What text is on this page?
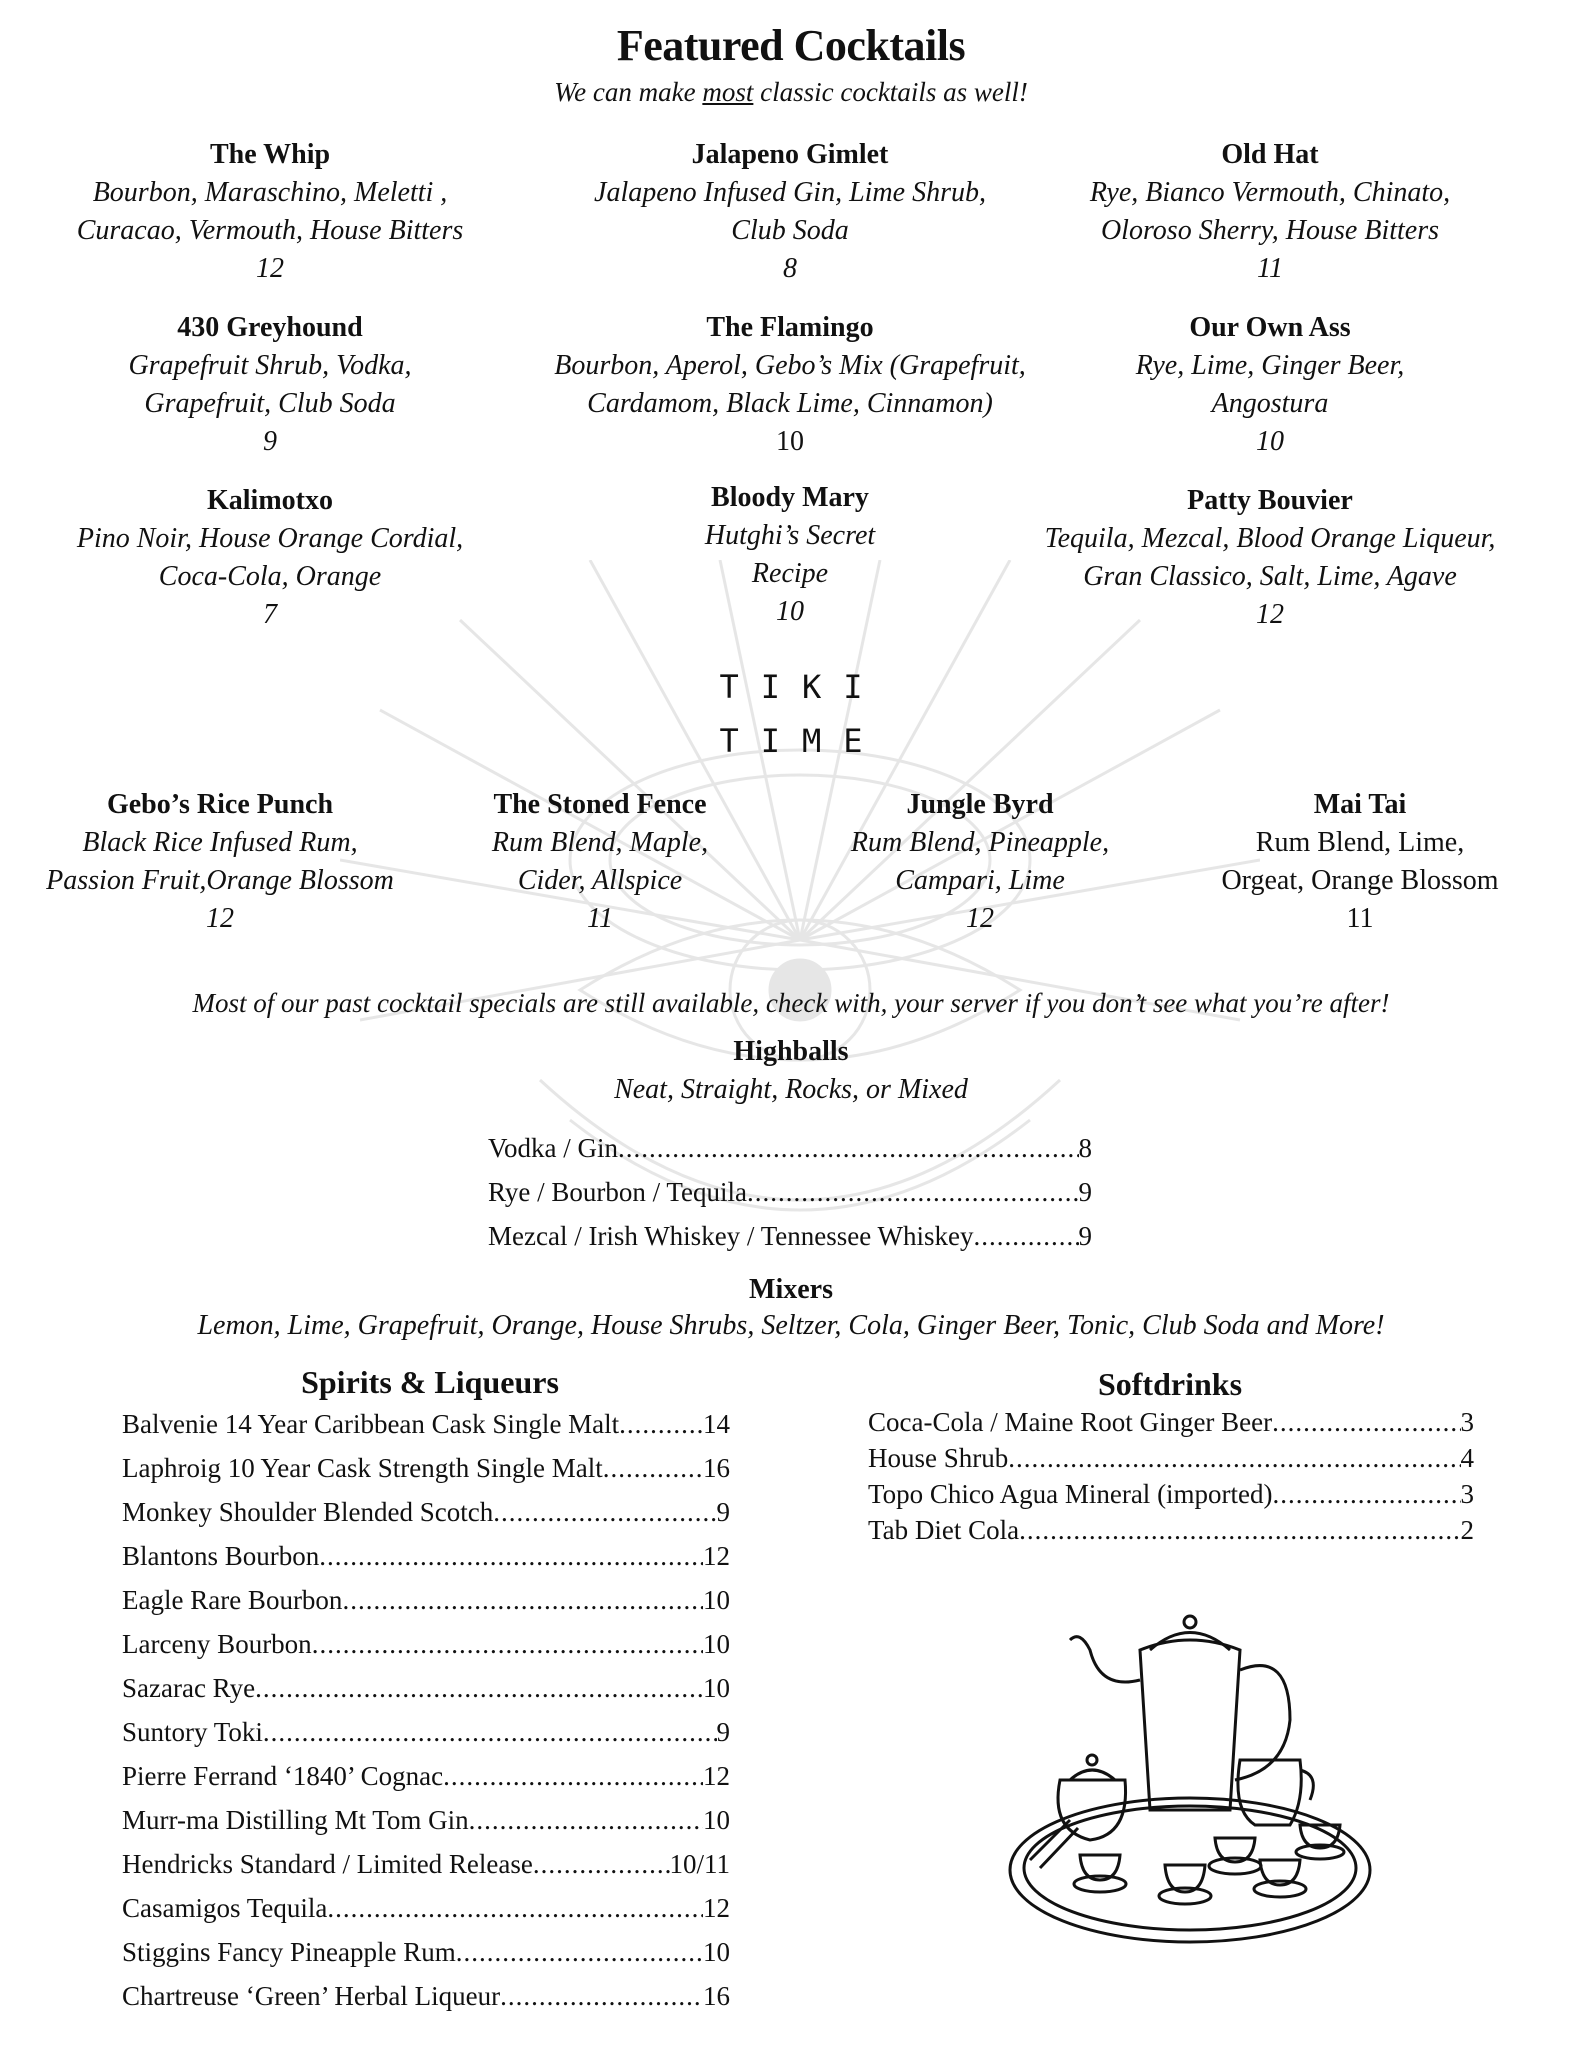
Featured Cocktails
We can make most classic cocktails as well!
The Whip
Bourbon, Maraschino, Meletti ,
Curacao, Vermouth, House Bitters
12
Jalapeno Gimlet
Jalapeno Infused Gin, Lime Shrub,
Club Soda
8
Old Hat
Rye, Bianco Vermouth, Chinato,
Oloroso Sherry, House Bitters
11
430 Greyhound
Grapefruit Shrub, Vodka,
Grapefruit, Club Soda
9
The Flamingo
Bourbon, Aperol, Gebo’s Mix (Grapefruit,
Cardamom, Black Lime, Cinnamon)
10
Our Own Ass
Rye, Lime, Ginger Beer,
Angostura
10
Kalimotxo
Pino Noir, House Orange Cordial,
Coca-Cola, Orange
7
Bloody Mary
Hutghi’s Secret
Recipe
10
Patty Bouvier
Tequila, Mezcal, Blood Orange Liqueur,
Gran Classico, Salt, Lime, Agave
12
TIKI
TIME
Gebo’s Rice Punch
Black Rice Infused Rum,
Passion Fruit,Orange Blossom
12
The Stoned Fence
Rum Blend, Maple,
Cider, Allspice
11
Jungle Byrd
Rum Blend, Pineapple,
Campari, Lime
12
Mai Tai
Rum Blend, Lime,
Orgeat, Orange Blossom
11
Most of our past cocktail specials are still available, check with, your server if you don’t see what you’re after!
Highballs
Neat, Straight, Rocks, or Mixed
Vodka / Gin .....	8
Rye / Bourbon / Tequila .....	9
Mezcal / Irish Whiskey / Tennessee Whiskey .....	9
Mixers
Lemon, Lime, Grapefruit, Orange, House Shrubs, Seltzer, Cola, Ginger Beer, Tonic, Club Soda and More!
Spirits & Liqueurs
Balvenie 14 Year Caribbean Cask Single Malt .....	14
Laphroig 10 Year Cask Strength Single Malt .....	16
Monkey Shoulder Blended Scotch .....	9
Blantons Bourbon .....	12
Eagle Rare Bourbon .....	10
Larceny Bourbon .....	10
Sazarac Rye .....	10
Suntory Toki .....	9
Pierre Ferrand ‘1840’ Cognac .....	12
Murr-ma Distilling Mt Tom Gin .....	10
Hendricks Standard / Limited Release .....	10/11
Casamigos Tequila .....	12
Stiggins Fancy Pineapple Rum .....	10
Chartreuse ‘Green’ Herbal Liqueur .....	16
Softdrinks
Coca-Cola / Maine Root Ginger Beer .....	3
House Shrub .....	4
Topo Chico Agua Mineral (imported) .....	3
Tab Diet Cola .....	2
